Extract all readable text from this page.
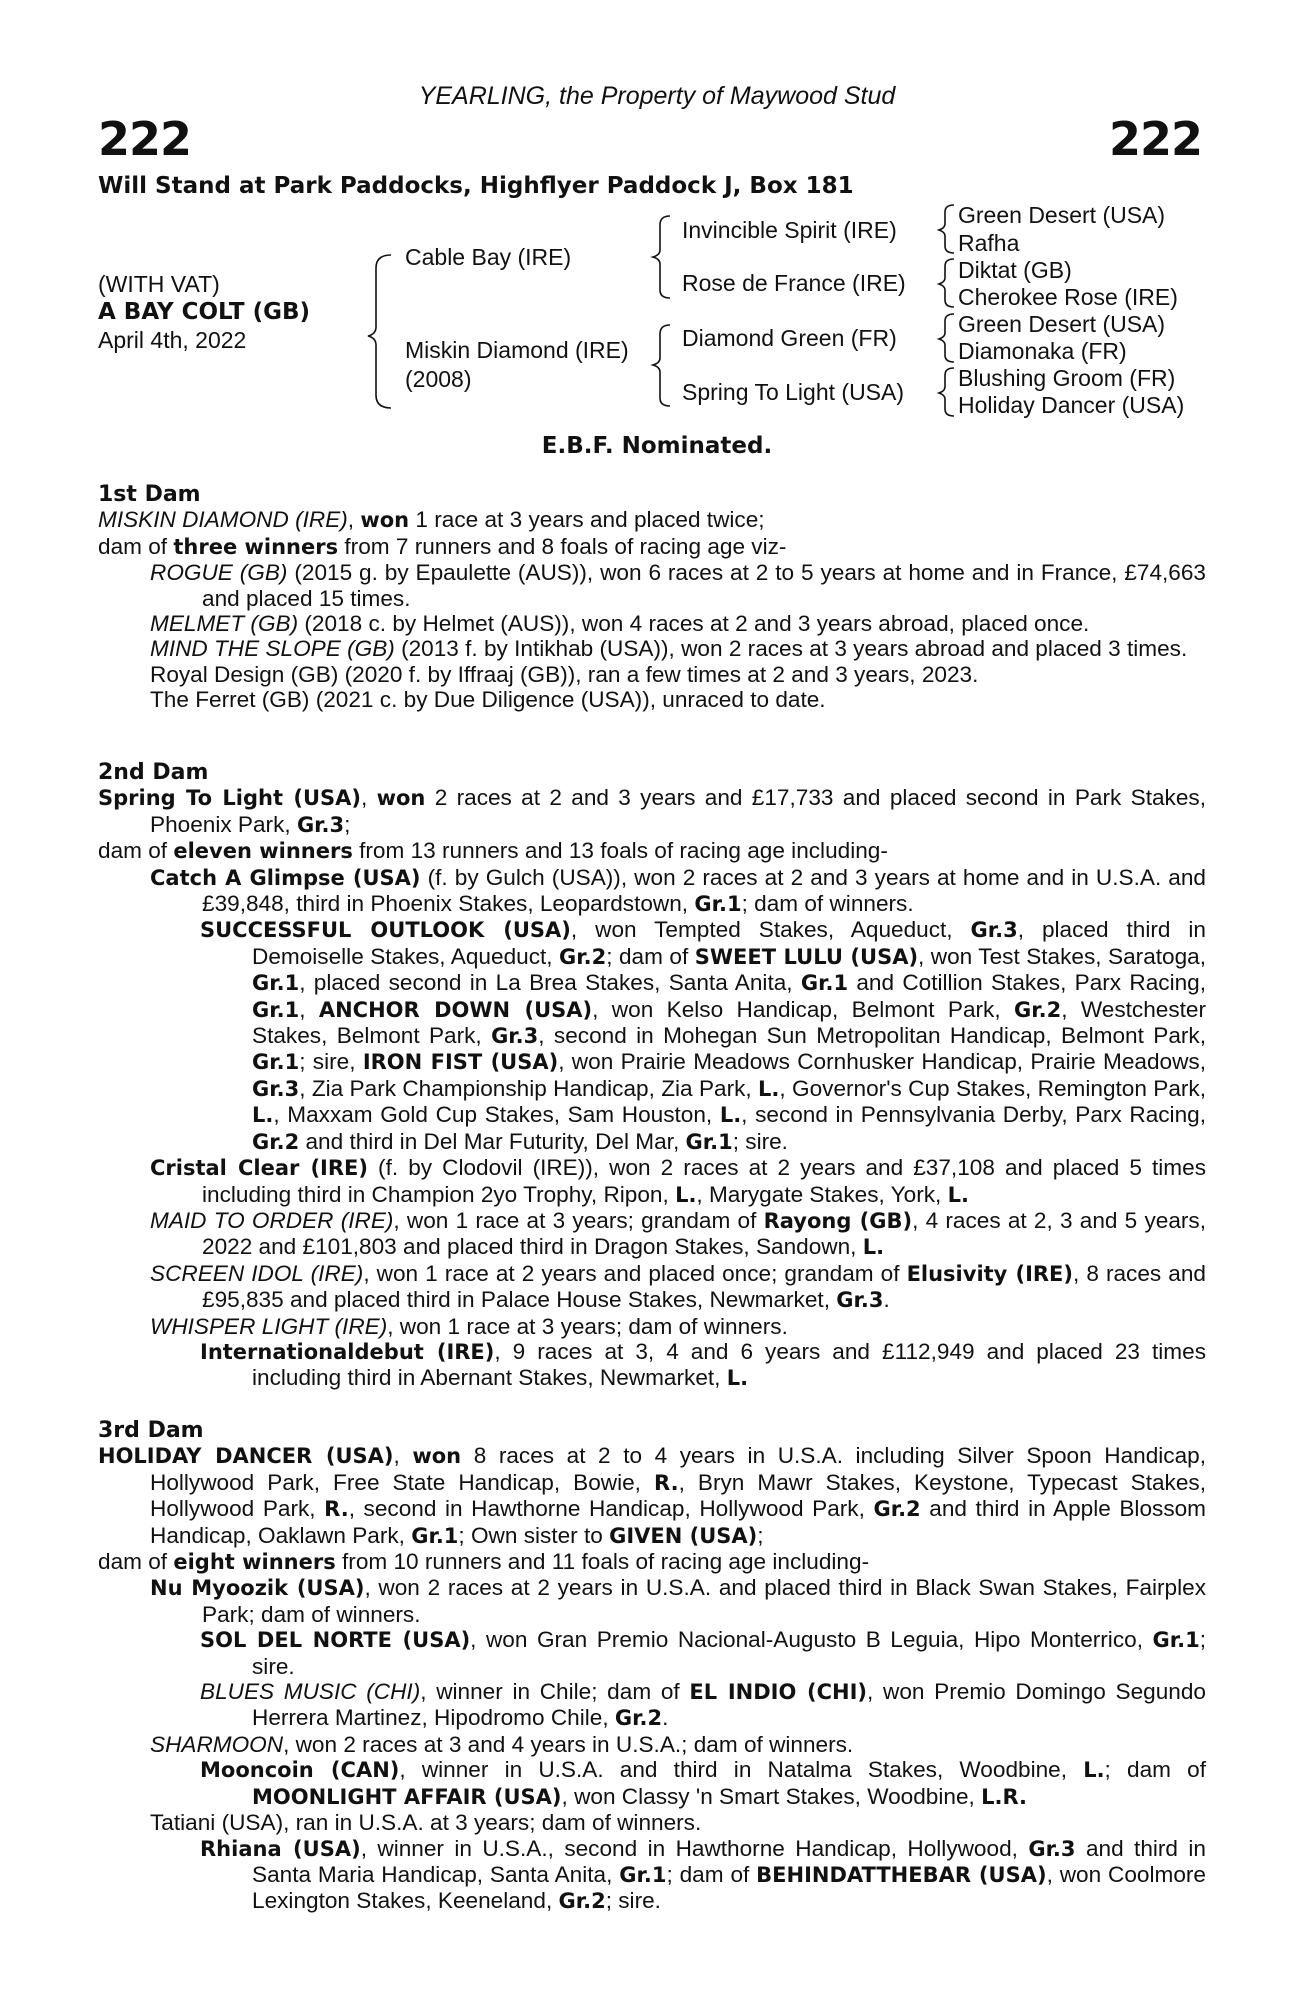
YEARLING, the Property of Maywood Stud
222	222
Will Stand at Park Paddocks, Highflyer Paddock J, Box 181
(WITH VAT)
A BAY COLT (GB)
April 4th, 2022
Cable Bay (IRE)
Miskin Diamond (IRE)
(2008)
Invincible Spirit (IRE)
Rose de France (IRE)
Diamond Green (FR)
Spring To Light (USA)
Green Desert (USA)
Rafha
Diktat (GB)
Cherokee Rose (IRE)
Green Desert (USA)
Diamonaka (FR)
Blushing Groom (FR)
Holiday Dancer (USA)
E.B.F. Nominated.
1st Dam
MISKIN DIAMOND (IRE), won 1 race at 3 years and placed twice;
dam of three winners from 7 runners and 8 foals of racing age viz-
ROGUE (GB) (2015 g. by Epaulette (AUS)), won 6 races at 2 to 5 years at home and in France, £74,663 and placed 15 times.
MELMET (GB) (2018 c. by Helmet (AUS)), won 4 races at 2 and 3 years abroad, placed once.
MIND THE SLOPE (GB) (2013 f. by Intikhab (USA)), won 2 races at 3 years abroad and placed 3 times.
Royal Design (GB) (2020 f. by Iffraaj (GB)), ran a few times at 2 and 3 years, 2023.
The Ferret (GB) (2021 c. by Due Diligence (USA)), unraced to date.
2nd Dam
Spring To Light (USA), won 2 races at 2 and 3 years and £17,733 and placed second in Park Stakes, Phoenix Park, Gr.3;
dam of eleven winners from 13 runners and 13 foals of racing age including-
Catch A Glimpse (USA) (f. by Gulch (USA)), won 2 races at 2 and 3 years at home and in U.S.A. and £39,848, third in Phoenix Stakes, Leopardstown, Gr.1; dam of winners.
SUCCESSFUL OUTLOOK (USA), won Tempted Stakes, Aqueduct, Gr.3, placed third in Demoiselle Stakes, Aqueduct, Gr.2; dam of SWEET LULU (USA), won Test Stakes, Saratoga, Gr.1, placed second in La Brea Stakes, Santa Anita, Gr.1 and Cotillion Stakes, Parx Racing, Gr.1, ANCHOR DOWN (USA), won Kelso Handicap, Belmont Park, Gr.2, Westchester Stakes, Belmont Park, Gr.3, second in Mohegan Sun Metropolitan Handicap, Belmont Park, Gr.1; sire, IRON FIST (USA), won Prairie Meadows Cornhusker Handicap, Prairie Meadows, Gr.3, Zia Park Championship Handicap, Zia Park, L., Governor's Cup Stakes, Remington Park, L., Maxxam Gold Cup Stakes, Sam Houston, L., second in Pennsylvania Derby, Parx Racing, Gr.2 and third in Del Mar Futurity, Del Mar, Gr.1; sire.
Cristal Clear (IRE) (f. by Clodovil (IRE)), won 2 races at 2 years and £37,108 and placed 5 times including third in Champion 2yo Trophy, Ripon, L., Marygate Stakes, York, L.
MAID TO ORDER (IRE), won 1 race at 3 years; grandam of Rayong (GB), 4 races at 2, 3 and 5 years, 2022 and £101,803 and placed third in Dragon Stakes, Sandown, L.
SCREEN IDOL (IRE), won 1 race at 2 years and placed once; grandam of Elusivity (IRE), 8 races and £95,835 and placed third in Palace House Stakes, Newmarket, Gr.3.
WHISPER LIGHT (IRE), won 1 race at 3 years; dam of winners.
Internationaldebut (IRE), 9 races at 3, 4 and 6 years and £112,949 and placed 23 times including third in Abernant Stakes, Newmarket, L.
3rd Dam
HOLIDAY DANCER (USA), won 8 races at 2 to 4 years in U.S.A. including Silver Spoon Handicap, Hollywood Park, Free State Handicap, Bowie, R., Bryn Mawr Stakes, Keystone, Typecast Stakes, Hollywood Park, R., second in Hawthorne Handicap, Hollywood Park, Gr.2 and third in Apple Blossom Handicap, Oaklawn Park, Gr.1; Own sister to GIVEN (USA);
dam of eight winners from 10 runners and 11 foals of racing age including-
Nu Myoozik (USA), won 2 races at 2 years in U.S.A. and placed third in Black Swan Stakes, Fairplex Park; dam of winners.
SOL DEL NORTE (USA), won Gran Premio Nacional-Augusto B Leguia, Hipo Monterrico, Gr.1; sire.
BLUES MUSIC (CHI), winner in Chile; dam of EL INDIO (CHI), won Premio Domingo Segundo Herrera Martinez, Hipodromo Chile, Gr.2.
SHARMOON, won 2 races at 3 and 4 years in U.S.A.; dam of winners.
Mooncoin (CAN), winner in U.S.A. and third in Natalma Stakes, Woodbine, L.; dam of MOONLIGHT AFFAIR (USA), won Classy 'n Smart Stakes, Woodbine, L.R.
Tatiani (USA), ran in U.S.A. at 3 years; dam of winners.
Rhiana (USA), winner in U.S.A., second in Hawthorne Handicap, Hollywood, Gr.3 and third in Santa Maria Handicap, Santa Anita, Gr.1; dam of BEHINDATTHEBAR (USA), won Coolmore Lexington Stakes, Keeneland, Gr.2; sire.
